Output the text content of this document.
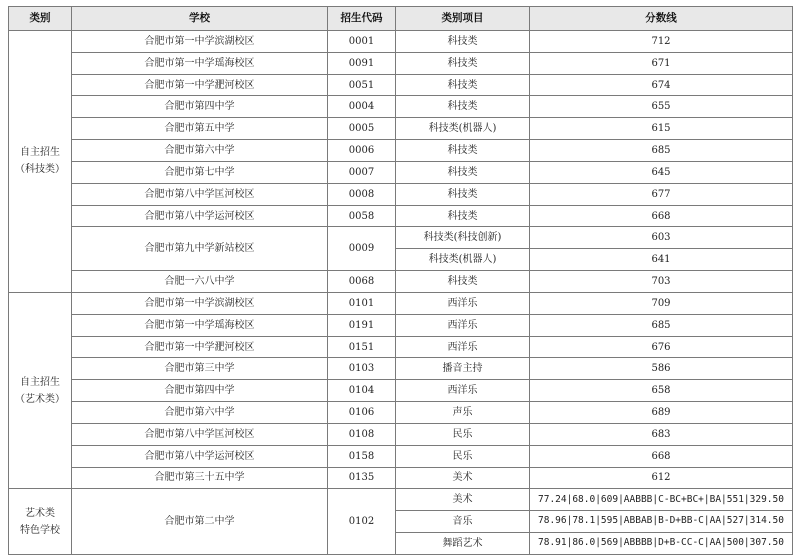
类别	学校	招生代码	类别项目	分数线

自主招生
（科技类）	合肥市第一中学滨湖校区	0001	科技类	712
	合肥市第一中学瑶海校区	0091	科技类	671
	合肥市第一中学淝河校区	0051	科技类	674
	合肥市第四中学	0004	科技类	655
	合肥市第五中学	0005	科技类(机器人)	615
	合肥市第六中学	0006	科技类	685
	合肥市第七中学	0007	科技类	645
	合肥市第八中学匡河校区	0008	科技类	677
	合肥市第八中学运河校区	0058	科技类	668
	合肥市第九中学新站校区	0009	科技类(科技创新)	603
			科技类(机器人)	641
	合肥一六八中学	0068	科技类	703

自主招生
（艺术类）	合肥市第一中学滨湖校区	0101	西洋乐	709
	合肥市第一中学瑶海校区	0191	西洋乐	685
	合肥市第一中学淝河校区	0151	西洋乐	676
	合肥市第三中学	0103	播音主持	586
	合肥市第四中学	0104	西洋乐	658
	合肥市第六中学	0106	声乐	689
	合肥市第八中学匡河校区	0108	民乐	683
	合肥市第八中学运河校区	0158	民乐	668
	合肥市第三十五中学	0135	美术	612

艺术类
特色学校	合肥市第二中学	0102	美术	77.24|68.0|609|AABBB|C-BC+BC+|BA|551|329.50
			音乐	78.96|78.1|595|ABBAB|B-D+BB-C|AA|527|314.50
			舞蹈艺术	78.91|86.0|569|ABBBB|D+B-CC-C|AA|500|307.50
